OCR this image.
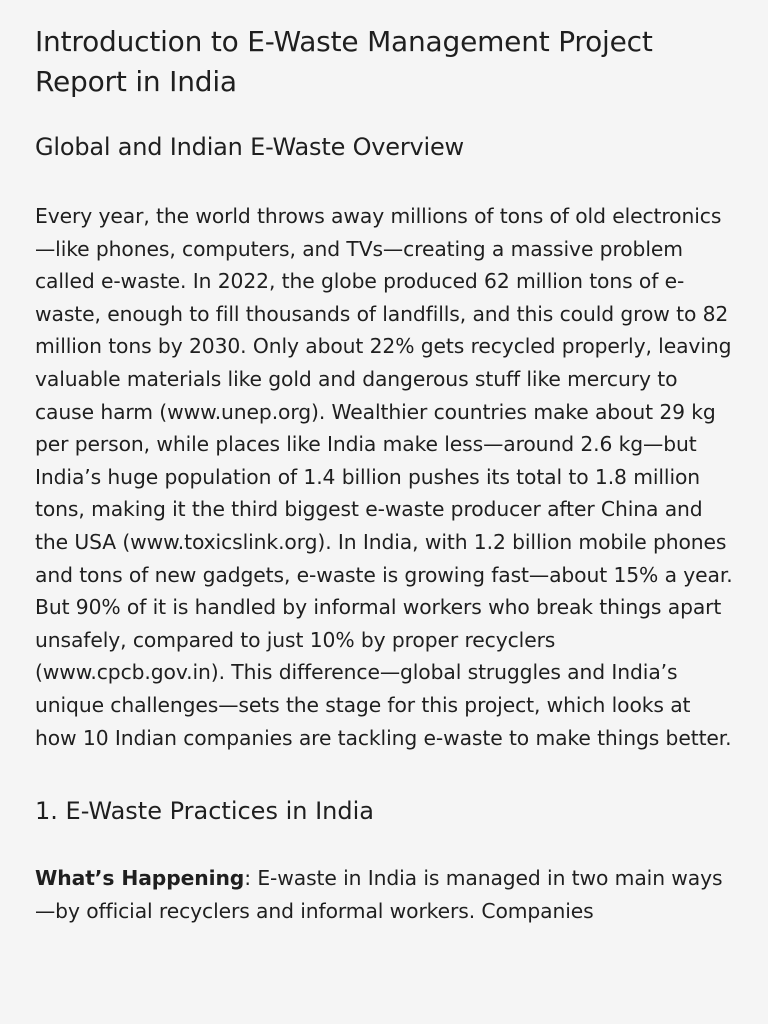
Introduction to E-Waste Management Project Report in India
Global and Indian E-Waste Overview

Every year, the world throws away millions of tons of old electronics—like phones, computers, and TVs—creating a massive problem called e-waste. In 2022, the globe produced 62 million tons of e-waste, enough to fill thousands of landfills, and this could grow to 82 million tons by 2030. Only about 22% gets recycled properly, leaving valuable materials like gold and dangerous stuff like mercury to cause harm (www.unep.org). Wealthier countries make about 29 kg per person, while places like India make less—around 2.6 kg—but India’s huge population of 1.4 billion pushes its total to 1.8 million tons, making it the third biggest e-waste producer after China and the USA (www.toxicslink.org). In India, with 1.2 billion mobile phones and tons of new gadgets, e-waste is growing fast—about 15% a year. But 90% of it is handled by informal workers who break things apart unsafely, compared to just 10% by proper recyclers (www.cpcb.gov.in). This difference—global struggles and India’s unique challenges—sets the stage for this project, which looks at how 10 Indian companies are tackling e-waste to make things better.

1. E-Waste Practices in India

What’s Happening: E-waste in India is managed in two main ways—by official recyclers and informal workers. Companies
